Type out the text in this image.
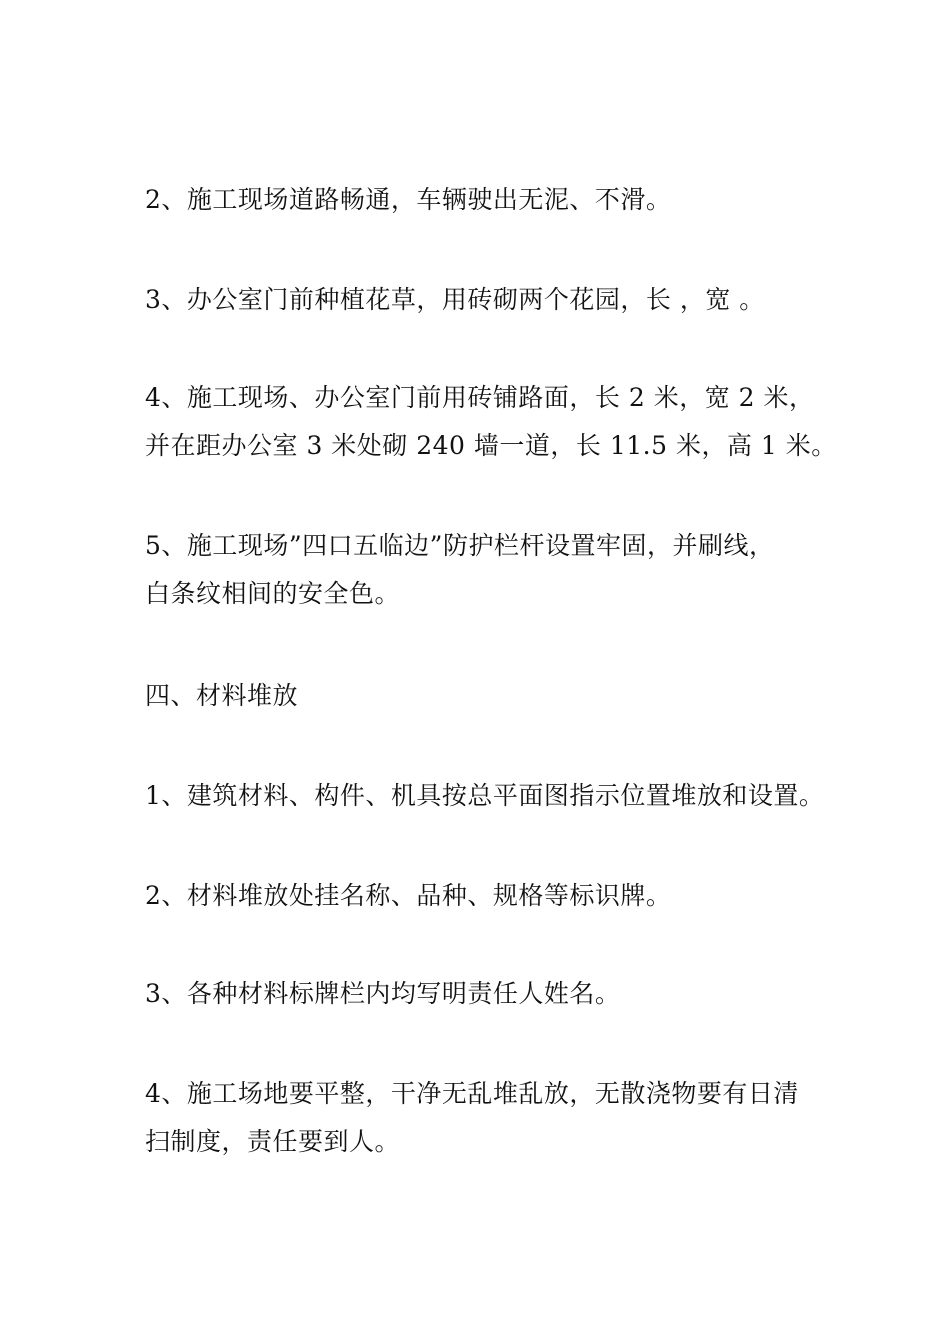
2、施工现场道路畅通，车辆驶出无泥、不滑。
3、办公室门前种植花草，用砖砌两个花园，长 ，宽 。
4、施工现场、办公室门前用砖铺路面，长 2 米，宽 2 米，
并在距办公室 3 米处砌 240 墙一道，长 11.5 米，高 1 米。
5、施工现场”四口五临边”防护栏杆设置牢固，并刷线，
白条纹相间的安全色。
四、材料堆放
1、建筑材料、构件、机具按总平面图指示位置堆放和设置。
2、材料堆放处挂名称、品种、规格等标识牌。
3、各种材料标牌栏内均写明责任人姓名。
4、施工场地要平整，干净无乱堆乱放，无散浇物要有日清
扫制度，责任要到人。
